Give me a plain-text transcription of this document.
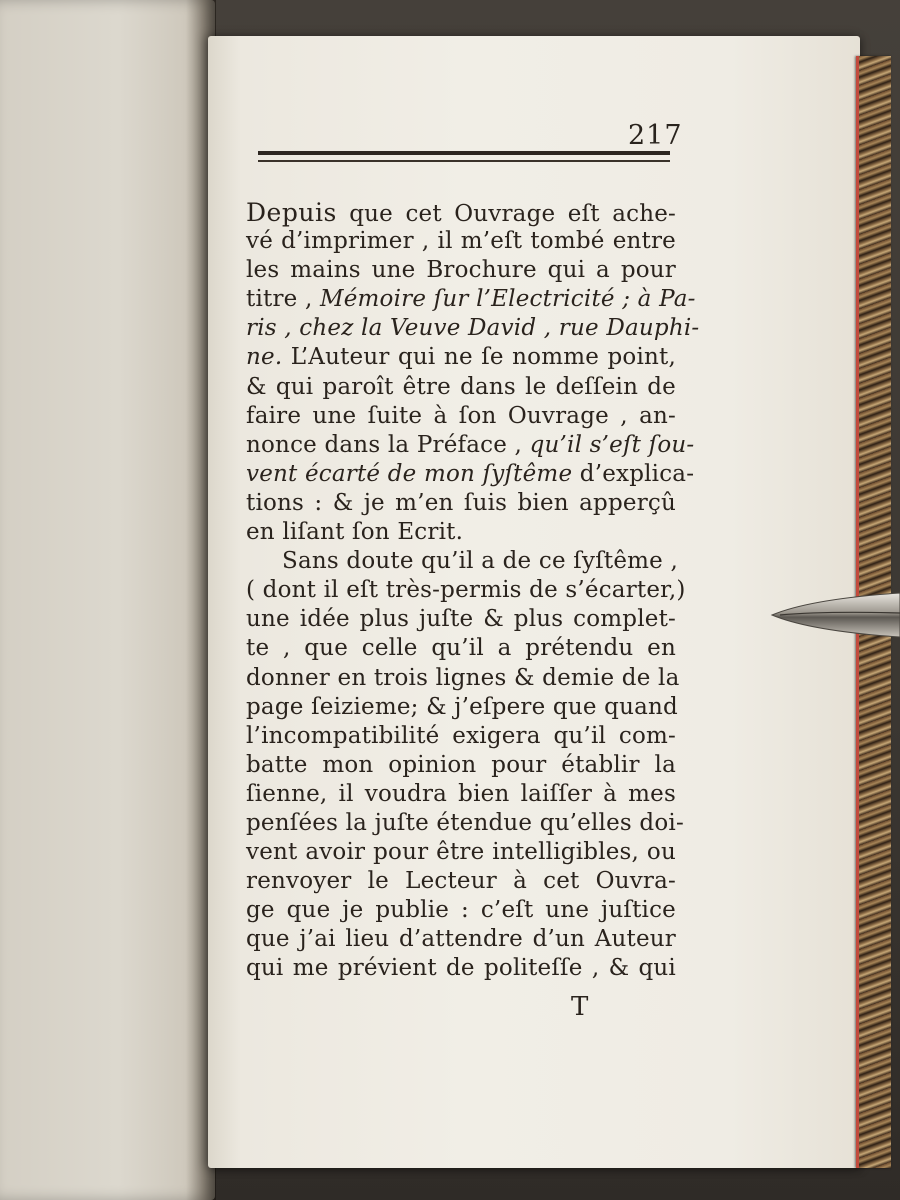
217
Depuis que cet Ouvrage eſt ache-
vé d’imprimer , il m’eſt tombé entre
les mains une Brochure qui a pour
titre , Mémoire ſur l’Electricité ; à Pa-
ris , chez la Veuve David , rue Dauphi-
ne. L’Auteur qui ne ſe nomme point,
& qui paroît être dans le deſſein de
faire une ſuite à ſon Ouvrage , an-
nonce dans la Préface , qu’il s’eſt ſou-
vent écarté de mon ſyſtême d’explica-
tions : & je m’en ſuis bien apperçû
en liſant ſon Ecrit.
Sans doute qu’il a de ce ſyſtême ,
( dont il eſt très-permis de s’écarter,)
une idée plus juſte & plus complet-
te , que celle qu’il a prétendu en
donner en trois lignes & demie de la
page ſeizieme; & j’eſpere que quand
l’incompatibilité exigera qu’il com-
batte mon opinion pour établir la
ſienne, il voudra bien laiſſer à mes
penſées la juſte étendue qu’elles doi-
vent avoir pour être intelligibles, ou
renvoyer le Lecteur à cet Ouvra-
ge que je publie : c’eſt une juſtice
que j’ai lieu d’attendre d’un Auteur
qui me prévient de politeſſe , & qui
T
